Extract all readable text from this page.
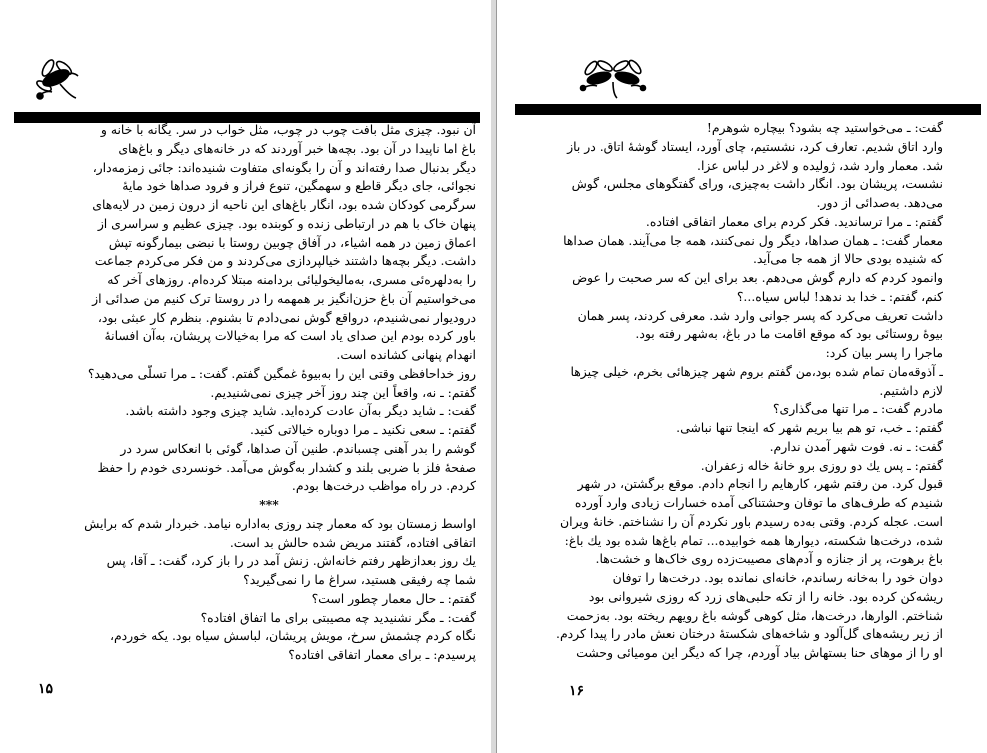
آن نبود. چیزی مثل بافت چوب در چوب، مثل خواب در سر. یگانه با خانه و
باغ اما ناپیدا در آن بود. بچه‌ها خبر آوردند که در خانه‌های دیگر و باغ‌های
دیگر بدنبال صدا رفته‌اند و آن را بگونه‌ای متفاوت شنیده‌اند: جائی زمزمه‌دار،
نجوائی، جای دیگر قاطع و سهمگین، تنوع فراز و فرود صداها خود مایهٔ
سرگرمی کودکان شده بود، انگار باغ‌های این ناحیه از درون زمین در لایه‌های
پنهان خاک با هم در ارتباطی زنده و کوبنده بود. چیزی عظیم و سراسری از
اعماق زمین در همه اشیاء، در آفاق چوبین روستا با نبضی بیمارگونه تپش
داشت. دیگر بچه‌ها داشتند خیالپردازی می‌کردند و من فکر می‌کردم جماعت
را به‌دلهره‌ئی مسری، به‌مالیخولیائی بردامنه مبتلا کرده‌ام. روزهای آخر که
می‌خواستیم آن باغ حزن‌انگیز بر همهمه را در روستا ترک کنیم من صدائی از
درودیوار نمی‌شنیدم، درواقع گوش نمی‌دادم تا بشنوم. بنظرم کار عبثی بود،
باور کرده بودم این صدای یاد است که مرا به‌خیالات پریشان، به‌آن افسانهٔ
انهدام پنهانی کشانده است.
روز خداحافظی وقتی این را به‌بیوهٔ غمگین گفتم. گفت: ـ مرا تسلّی می‌دهید؟
گفتم: ـ نه، واقعاً این چند روز آخر چیزی نمی‌شنیدیم.
گفت: ـ شاید دیگر به‌آن عادت کرده‌اید. شاید چیزی وجود داشته باشد.
گفتم: ـ سعی نکنید ـ مرا دوباره خیالاتی کنید.
گوشم را بدر آهنی چسباندم. طنین آن صداها، گوئی با انعکاس سرد در
صفحهٔ فلز با ضربی بلند و کشدار به‌گوش می‌آمد. خونسردی خودم را حفظ
کردم. در راه مواظب درخت‌ها بودم.
***
اواسط زمستان بود که معمار چند روزی به‌اداره نیامد. خبردار شدم که برایش
اتفاقی افتاده، گفتند مریض شده حالش بد است.
یك روز بعدازظهر رفتم خانه‌اش. زنش آمد در را باز کرد، گفت: ـ آقا، پس
شما چه رفیقی هستید، سراغ ما را نمی‌گیرید؟
گفتم: ـ حال معمار چطور است؟
گفت: ـ مگر نشنیدید چه مصیبتی برای ما اتفاق افتاده؟
نگاه کردم چشمش سرخ، مویش پریشان، لباسش سیاه بود. یکه خوردم،
پرسیدم: ـ برای معمار اتفاقی افتاده؟
۱۵
گفت: ـ می‌خواستید چه بشود؟ بیچاره شوهرم!
وارد اتاق شدیم. تعارف کرد، نشستیم، چای آورد، ایستاد گوشهٔ اتاق. در باز
شد. معمار وارد شد، ژولیده و لاغر در لباس عزا.
نشست، پریشان بود. انگار داشت به‌چیزی، ورای گفتگوهای مجلس، گوش
می‌دهد. به‌صدائی از دور.
گفتم: ـ مرا ترساندید. فکر کردم برای معمار اتفاقی افتاده.
معمار گفت: ـ همان صداها، دیگر ول نمی‌کنند، همه جا می‌آیند. همان صداها
که شنیده بودی حالا از همه جا می‌آید.
وانمود کردم که دارم گوش می‌دهم. بعد برای این که سر صحبت را عوض
کنم، گفتم: ـ خدا بد ندهد! لباس سیاه...؟
داشت تعریف می‌کرد که پسر جوانی وارد شد. معرفی کردند، پسر همان
بیوهٔ روستائی بود که موقع اقامت ما در باغ، به‌شهر رفته بود.
ماجرا را پسر بیان کرد:
ـ آذوقه‌مان تمام شده بود،من گفتم بروم شهر چیزهائی بخرم، خیلی چیزها
لازم داشتیم.
مادرم گفت: ـ مرا تنها می‌گذاری؟
گفتم: ـ خب، تو هم بیا بریم شهر که اینجا تنها نباشی.
گفت: ـ نه. فوت شهر آمدن ندارم.
گفتم: ـ پس یك دو روزی برو خانهٔ خاله زعفران.
قبول کرد. من رفتم شهر، کارهایم را انجام دادم. موقع برگشتن، در شهر
شنیدم که طرف‌های ما توفان وحشتناکی آمده خسارات زیادی وارد آورده
است. عجله کردم. وقتی به‌ده رسیدم باور نکردم آن را نشناختم. خانهٔ ویران
شده، درخت‌ها شکسته، دیوارها همه خوابیده... تمام باغ‌ها شده بود یك باغ:
باغ برهوت، پر از جنازه و آدم‌های مصیبت‌زده روی خاک‌ها و خشت‌ها.
دوان خود را به‌خانه رساندم، خانه‌ای نمانده بود. درخت‌ها را توفان
ریشه‌کن کرده بود. خانه را از تکه حلبی‌های زرد که روزی شیروانی بود
شناختم. الوارها، درخت‌ها، مثل کوهی گوشه باغ رویهم ریخته بود. به‌زحمت
از زیر ریشه‌های گل‌آلود و شاخه‌های شکستهٔ درختان نعش مادر را پیدا کردم.
او را از موهای حنا بستهاش بیاد آوردم، چرا که دیگر این مومیائی وحشت
۱۶
